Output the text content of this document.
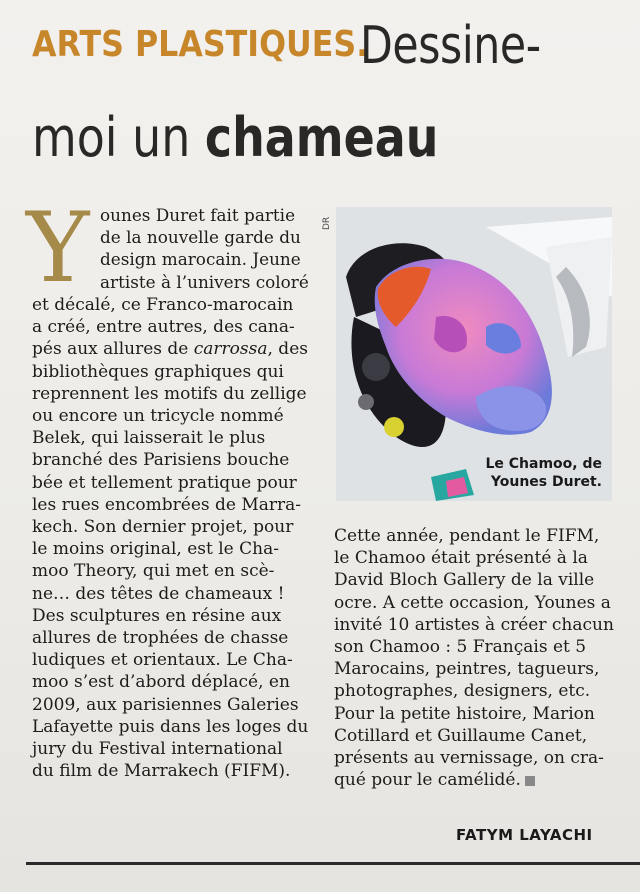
ARTS PLASTIQUES.
Dessine-
moi un chameau
Y ounes Duret fait partie
de la nouvelle garde du
design marocain. Jeune
artiste à l’univers coloré
et décalé, ce Franco-marocain
a créé, entre autres, des cana-
pés aux allures de carrossa, des
bibliothèques graphiques qui
reprennent les motifs du zellige
ou encore un tricycle nommé
Belek, qui laisserait le plus
branché des Parisiens bouche
bée et tellement pratique pour
les rues encombrées de Marra-
kech. Son dernier projet, pour
le moins original, est le Cha-
moo Theory, qui met en scè-
ne… des têtes de chameaux !
Des sculptures en résine aux
allures de trophées de chasse
ludiques et orientaux. Le Cha-
moo s’est d’abord déplacé, en
2009, aux parisiennes Galeries
Lafayette puis dans les loges du
jury du Festival international
du film de Marrakech (FIFM).
DR
Le Chamoo, de
Younes Duret.
Cette année, pendant le FIFM,
le Chamoo était présenté à la
David Bloch Gallery de la ville
ocre. A cette occasion, Younes a
invité 10 artistes à créer chacun
son Chamoo : 5 Français et 5
Marocains, peintres, tagueurs,
photographes, designers, etc.
Pour la petite histoire, Marion
Cotillard et Guillaume Canet,
présents au vernissage, on cra-
qué pour le camélidé.
FATYM LAYACHI
